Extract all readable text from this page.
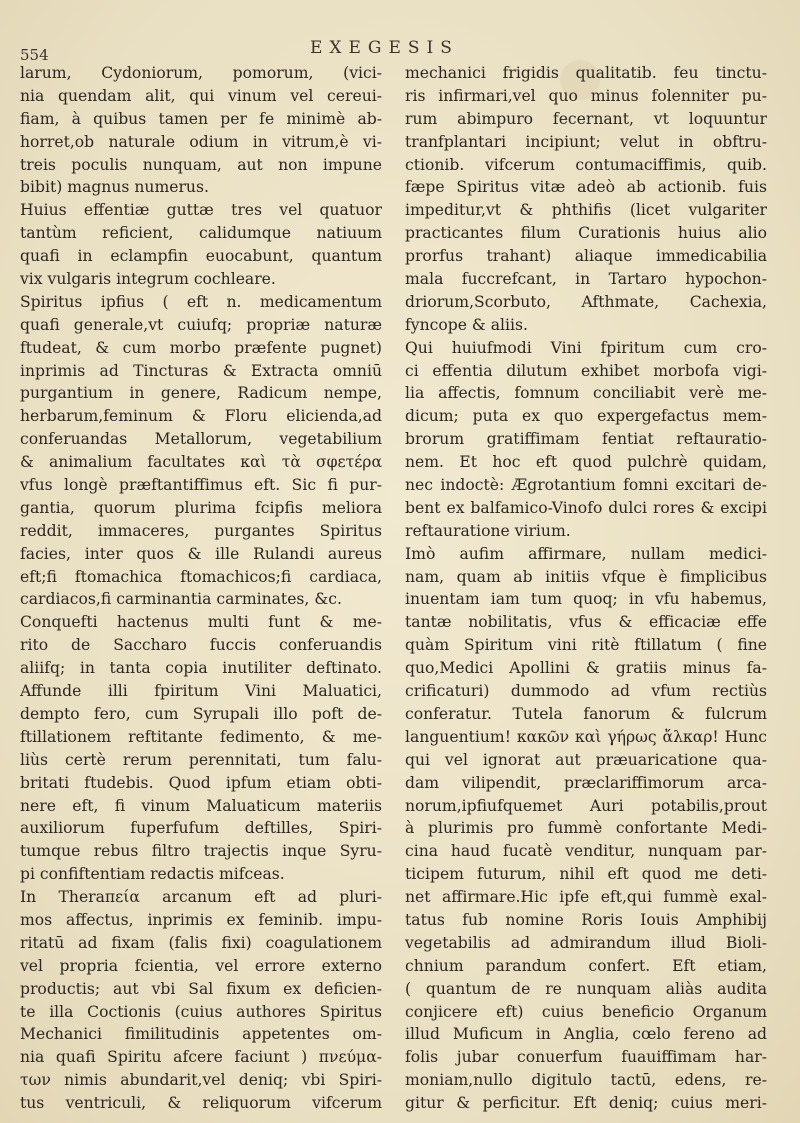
554	EXEGESIS
larum, Cydoniorum, pomorum, (vici-
nia quendam alit, qui vinum vel cereui-
fiam, à quibus tamen per fe minimè ab-
horret,ob naturale odium in vitrum,è vi-
treis poculis nunquam, aut non impune
bibit) magnus numerus.
Huius effentiæ guttæ tres vel quatuor
tantùm reficient, calidumque natiuum
quafi in eclampfin euocabunt, quantum
vix vulgaris integrum cochleare.
Spiritus ipfius ( eft n. medicamentum
quafi generale,vt cuiufq; propriæ naturæ
ftudeat, & cum morbo præfente pugnet)
inprimis ad Tincturas & Extracta omniū
purgantium in genere, Radicum nempe,
herbarum,feminum & Floru elicienda,ad
conferuandas Metallorum, vegetabilium
& animalium facultates καὶ τὰ σφετέρα
vfus longè præftantiffimus eft. Sic fi pur-
gantia, quorum plurima fcipfis meliora
reddit, immaceres, purgantes Spiritus
facies, inter quos & ille Rulandi aureus
eft;fi ftomachica ftomachicos;fi cardiaca,
cardiacos,fi carminantia carminates, &c.
Conquefti hactenus multi funt & me-
rito de Saccharo fuccis conferuandis
aliifq; in tanta copia inutiliter deftinato.
Affunde illi fpiritum Vini Maluatici,
dempto fero, cum Syrupali illo poft de-
ftillationem reftitante fedimento, & me-
liùs certè rerum perennitati, tum falu-
britati ftudebis. Quod ipfum etiam obti-
nere eft, fi vinum Maluaticum materiis
auxiliorum fuperfufum deftilles, Spiri-
tumque rebus filtro trajectis inque Syru-
pi confiftentiam redactis mifceas.
In Theraπεία arcanum eft ad pluri-
mos affectus, inprimis ex feminib. impu-
ritatū ad fixam (falis fixi) coagulationem
vel propria fcientia, vel errore externo
productis; aut vbi Sal fixum ex deficien-
te illa Coctionis (cuius authores Spiritus
Mechanici fimilitudinis appetentes om-
nia quafi Spiritu afcere faciunt ) πνεύμα-
των nimis abundarit,vel deniq; vbi Spiri-
tus ventriculi, & reliquorum vifcerum
mechanici frigidis qualitatib. feu tinctu-
ris infirmari,vel quo minus folenniter pu-
rum abimpuro fecernant, vt loquuntur
tranfplantari incipiunt; velut in obftru-
ctionib. vifcerum contumaciffimis, quib.
fæpe Spiritus vitæ adeò ab actionib. fuis
impeditur,vt & phthifis (licet vulgariter
practicantes filum Curationis huius alio
prorfus trahant) aliaque immedicabilia
mala fuccrefcant, in Tartaro hypochon-
driorum,Scorbuto, Afthmate, Cachexia,
fyncope & aliis.
Qui huiufmodi Vini fpiritum cum cro-
ci effentia dilutum exhibet morbofa vigi-
lia affectis, fomnum conciliabit verè me-
dicum; puta ex quo expergefactus mem-
brorum gratiffimam fentiat reftauratio-
nem. Et hoc eft quod pulchrè quidam,
nec indoctè: Ægrotantium fomni excitari de-
bent ex balfamico-Vinofo dulci rores & excipi
reftauratione virium.
Imò aufim affirmare, nullam medici-
nam, quam ab initiis vfque è fimplicibus
inuentam iam tum quoq; in vfu habemus,
tantæ nobilitatis, vfus & efficaciæ effe
quàm Spiritum vini ritè ftillatum ( fine
quo,Medici Apollini & gratiis minus fa-
crificaturi) dummodo ad vfum rectiùs
conferatur. Tutela fanorum & fulcrum
languentium! κακῶν καὶ γήρως ἄλκαρ! Hunc
qui vel ignorat aut præuaricatione qua-
dam vilipendit, præclariffimorum arca-
norum,ipfiufquemet Auri potabilis,prout
à plurimis pro fummè confortante Medi-
cina haud fucatè venditur, nunquam par-
ticipem futurum, nihil eft quod me deti-
net affirmare.Hic ipfe eft,qui fummè exal-
tatus fub nomine Roris Iouis Amphibij
vegetabilis ad admirandum illud Bioli-
chnium parandum confert. Eft etiam,
( quantum de re nunquam aliàs audita
conjicere eft) cuius beneficio Organum
illud Muficum in Anglia, cœlo fereno ad
folis jubar conuerfum fuauiffimam har-
moniam,nullo digitulo tactū, edens, re-
gitur & perficitur. Eft deniq; cuius meri-
